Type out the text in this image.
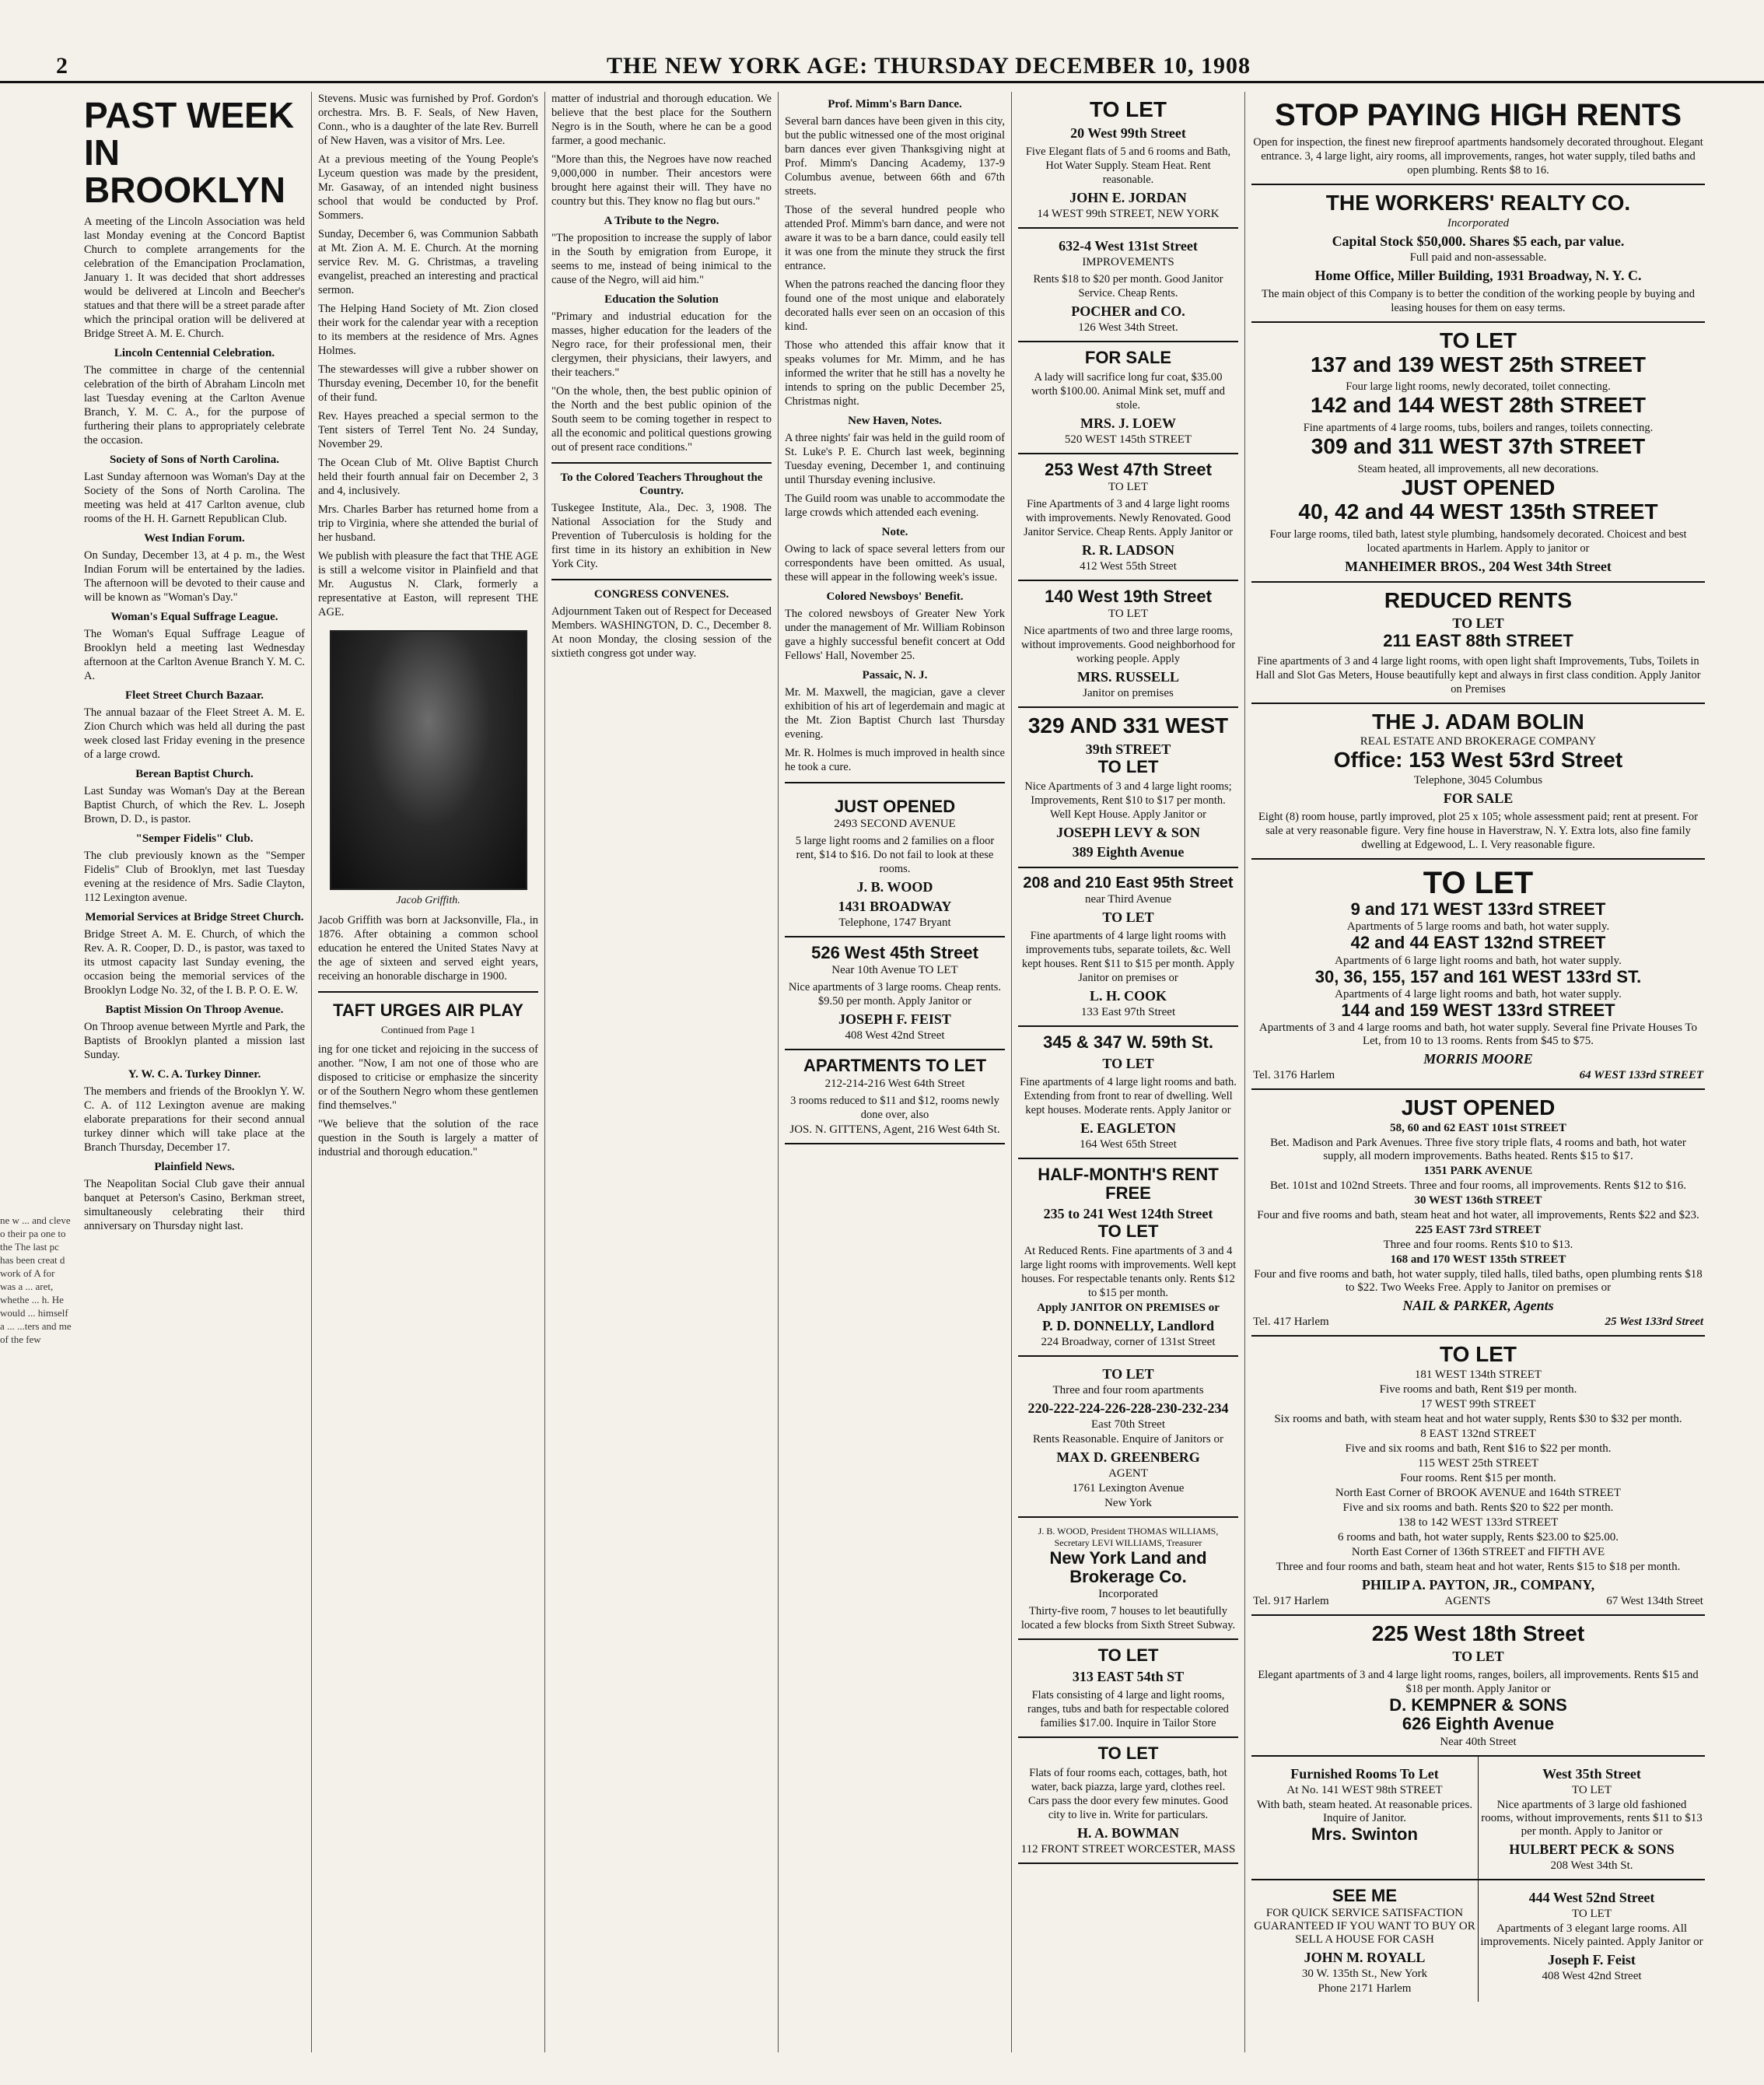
2	THE NEW YORK AGE: THURSDAY DECEMBER 10, 1908
ne w ... and cleve o their pa one to the The last pc has been creat d work of A for was a ... aret, whethe ... h. He would ... himself a ... ...ters and me of the few
PAST WEEK IN BROOKLYN

A meeting of the Lincoln Association was held last Monday evening at the Concord Baptist Church to complete arrangements for the celebration of the Emancipation Proclamation, January 1. It was decided that short addresses would be delivered at Lincoln and Beecher's statues and that there will be a street parade after which the principal oration will be delivered at Bridge Street A. M. E. Church.

Lincoln Centennial Celebration.

The committee in charge of the centennial celebration of the birth of Abraham Lincoln met last Tuesday evening at the Carlton Avenue Branch, Y. M. C. A., for the purpose of furthering their plans to appropriately celebrate the occasion.

Society of Sons of North Carolina.

Last Sunday afternoon was Woman's Day at the Society of the Sons of North Carolina. The meeting was held at 417 Carlton avenue, club rooms of the H. H. Garnett Republican Club.

West Indian Forum.

On Sunday, December 13, at 4 p. m., the West Indian Forum will be entertained by the ladies. The afternoon will be devoted to their cause and will be known as "Woman's Day."

Woman's Equal Suffrage League.

The Woman's Equal Suffrage League of Brooklyn held a meeting last Wednesday afternoon at the Carlton Avenue Branch Y. M. C. A.

Fleet Street Church Bazaar.

The annual bazaar of the Fleet Street A. M. E. Zion Church which was held all during the past week closed last Friday evening in the presence of a large crowd.

Berean Baptist Church.

Last Sunday was Woman's Day at the Berean Baptist Church, of which the Rev. L. Joseph Brown, D. D., is pastor.

"Semper Fidelis" Club.

The club previously known as the "Semper Fidelis" Club of Brooklyn, met last Tuesday evening at the residence of Mrs. Sadie Clayton, 112 Lexington avenue.

Memorial Services at Bridge Street Church.

Bridge Street A. M. E. Church, of which the Rev. A. R. Cooper, D. D., is pastor, was taxed to its utmost capacity last Sunday evening, the occasion being the memorial services of the Brooklyn Lodge No. 32, of the I. B. P. O. E. W.

Baptist Mission On Throop Avenue.

On Throop avenue between Myrtle and Park, the Baptists of Brooklyn planted a mission last Sunday.

Y. W. C. A. Turkey Dinner.

The members and friends of the Brooklyn Y. W. C. A. of 112 Lexington avenue are making elaborate preparations for their second annual turkey dinner which will take place at the Branch Thursday, December 17.

Plainfield News.

The Neapolitan Social Club gave their annual banquet at Peterson's Casino, Berkman street, simultaneously celebrating their third anniversary on Thursday night last.

Stevens. Music was furnished by Prof. Gordon's orchestra. Mrs. B. F. Seals, of New Haven, Conn., who is a daughter of the late Rev. Burrell of New Haven, was a visitor of Mrs. Lee.

At a previous meeting of the Young People's Lyceum question was made by the president, Mr. Gasaway, of an intended night business school that would be conducted by Prof. Sommers.

Sunday, December 6, was Communion Sabbath at Mt. Zion A. M. E. Church. At the morning service Rev. M. G. Christmas, a traveling evangelist, preached an interesting and practical sermon.

The Helping Hand Society of Mt. Zion closed their work for the calendar year with a reception to its members at the residence of Mrs. Agnes Holmes.

The stewardesses will give a rubber shower on Thursday evening, December 10, for the benefit of their fund.

Rev. Hayes preached a special sermon to the Tent sisters of Terrel Tent No. 24 Sunday, November 29.

The Ocean Club of Mt. Olive Baptist Church held their fourth annual fair on December 2, 3 and 4, inclusively.

Mrs. Charles Barber has returned home from a trip to Virginia, where she attended the burial of her husband.

We publish with pleasure the fact that THE AGE is still a welcome visitor in Plainfield and that Mr. Augustus N. Clark, formerly a representative at Easton, will represent THE AGE.

Jacob Griffith.

Jacob Griffith was born at Jacksonville, Fla., in 1876. After obtaining a common school education he entered the United States Navy at the age of sixteen and served eight years, receiving an honorable discharge in 1900.

TAFT URGES AIR PLAY
Continued from Page 1

ing for one ticket and rejoicing in the success of another. "Now, I am not one of those who are disposed to criticise or emphasize the sincerity or of the Southern Negro whom these gentlemen find themselves."

"We believe that the solution of the race question in the South is largely a matter of industrial and thorough education."

matter of industrial and thorough education. We believe that the best place for the Southern Negro is in the South, where he can be a good farmer, a good mechanic.

"More than this, the Negroes have now reached 9,000,000 in number. Their ancestors were brought here against their will. They have no country but this. They know no flag but ours."

A Tribute to the Negro.

"The proposition to increase the supply of labor in the South by emigration from Europe, it seems to me, instead of being inimical to the cause of the Negro, will aid him."

Education the Solution

"Primary and industrial education for the masses, higher education for the leaders of the Negro race, for their professional men, their clergymen, their physicians, their lawyers, and their teachers."

"On the whole, then, the best public opinion of the North and the best public opinion of the South seem to be coming together in respect to all the economic and political questions growing out of present race conditions."

To the Colored Teachers Throughout the Country.

Tuskegee Institute, Ala., Dec. 3, 1908. The National Association for the Study and Prevention of Tuberculosis is holding for the first time in its history an exhibition in New York City.

CONGRESS CONVENES.

Adjournment Taken out of Respect for Deceased Members. WASHINGTON, D. C., December 8. At noon Monday, the closing session of the sixtieth congress got under way.

Prof. Mimm's Barn Dance.

Several barn dances have been given in this city, but the public witnessed one of the most original barn dances ever given Thanksgiving night at Prof. Mimm's Dancing Academy, 137-9 Columbus avenue, between 66th and 67th streets.

Those of the several hundred people who attended Prof. Mimm's barn dance, and were not aware it was to be a barn dance, could easily tell it was one from the minute they struck the first entrance.

When the patrons reached the dancing floor they found one of the most unique and elaborately decorated halls ever seen on an occasion of this kind.

Those who attended this affair know that it speaks volumes for Mr. Mimm, and he has informed the writer that he still has a novelty he intends to spring on the public December 25, Christmas night.

New Haven, Notes.

A three nights' fair was held in the guild room of St. Luke's P. E. Church last week, beginning Tuesday evening, December 1, and continuing until Thursday evening inclusive.

The Guild room was unable to accommodate the large crowds which attended each evening.

Note.

Owing to lack of space several letters from our correspondents have been omitted. As usual, these will appear in the following week's issue.

Colored Newsboys' Benefit.

The colored newsboys of Greater New York under the management of Mr. William Robinson gave a highly successful benefit concert at Odd Fellows' Hall, November 25.

Passaic, N. J.

Mr. M. Maxwell, the magician, gave a clever exhibition of his art of legerdemain and magic at the Mt. Zion Baptist Church last Thursday evening.

Mr. R. Holmes is much improved in health since he took a cure.

JUST OPENED
2493 SECOND AVENUE
5 large light rooms and 2 families on a floor rent, $14 to $16. Do not fail to look at these rooms.
J. B. WOOD
1431 BROADWAY
Telephone, 1747 Bryant
526 West 45th Street
Near 10th Avenue TO LET
Nice apartments of 3 large rooms. Cheap rents. $9.50 per month. Apply Janitor or
JOSEPH F. FEIST
408 West 42nd Street
APARTMENTS TO LET
212-214-216 West 64th Street
3 rooms reduced to $11 and $12, rooms newly done over, also
JOS. N. GITTENS, Agent, 216 West 64th St.
TO LET
20 West 99th Street
Five Elegant flats of 5 and 6 rooms and Bath, Hot Water Supply. Steam Heat. Rent reasonable.
JOHN E. JORDAN
14 WEST 99th STREET, NEW YORK
632-4 West 131st Street
IMPROVEMENTS
Rents $18 to $20 per month. Good Janitor Service. Cheap Rents.
POCHER and CO.
126 West 34th Street.
FOR SALE
A lady will sacrifice long fur coat, $35.00 worth $100.00. Animal Mink set, muff and stole.
MRS. J. LOEW
520 WEST 145th STREET
253 West 47th Street
TO LET
Fine Apartments of 3 and 4 large light rooms with improvements. Newly Renovated. Good Janitor Service. Cheap Rents. Apply Janitor or
R. R. LADSON
412 West 55th Street
140 West 19th Street
TO LET
Nice apartments of two and three large rooms, without improvements. Good neighborhood for working people. Apply
MRS. RUSSELL
Janitor on premises
329 AND 331 WEST
39th STREET
TO LET
Nice Apartments of 3 and 4 large light rooms; Improvements, Rent $10 to $17 per month. Well Kept House. Apply Janitor or
JOSEPH LEVY & SON
389 Eighth Avenue
208 and 210 East 95th Street
near Third Avenue
TO LET
Fine apartments of 4 large light rooms with improvements tubs, separate toilets, &c. Well kept houses. Rent $11 to $15 per month. Apply Janitor on premises or
L. H. COOK
133 East 97th Street
345 & 347 W. 59th St.
TO LET
Fine apartments of 4 large light rooms and bath. Extending from front to rear of dwelling. Well kept houses. Moderate rents. Apply Janitor or
E. EAGLETON
164 West 65th Street
HALF-MONTH'S RENT FREE
235 to 241 West 124th Street
TO LET
At Reduced Rents. Fine apartments of 3 and 4 large light rooms with improvements. Well kept houses. For respectable tenants only. Rents $12 to $15 per month.
Apply JANITOR ON PREMISES or
P. D. DONNELLY, Landlord
224 Broadway, corner of 131st Street
TO LET
Three and four room apartments
220-222-224-226-228-230-232-234
East 70th Street
Rents Reasonable. Enquire of Janitors or
MAX D. GREENBERG
AGENT
1761 Lexington Avenue
New York
J. B. WOOD, President THOMAS WILLIAMS, Secretary LEVI WILLIAMS, Treasurer
New York Land and Brokerage Co.
Incorporated
Thirty-five room, 7 houses to let beautifully located a few blocks from Sixth Street Subway.
TO LET
313 EAST 54th ST
Flats consisting of 4 large and light rooms, ranges, tubs and bath for respectable colored families $17.00. Inquire in Tailor Store
TO LET
Flats of four rooms each, cottages, bath, hot water, back piazza, large yard, clothes reel. Cars pass the door every few minutes. Good city to live in. Write for particulars.
H. A. BOWMAN
112 FRONT STREET WORCESTER, MASS
STOP PAYING HIGH RENTS
Open for inspection, the finest new fireproof apartments handsomely decorated throughout. Elegant entrance. 3, 4 large light, airy rooms, all improvements, ranges, hot water supply, tiled baths and open plumbing. Rents $8 to 16.
THE WORKERS' REALTY CO.
Incorporated
Capital Stock $50,000. Shares $5 each, par value.
Full paid and non-assessable.
Home Office, Miller Building, 1931 Broadway, N. Y. C.
The main object of this Company is to better the condition of the working people by buying and leasing houses for them on easy terms.
TO LET
137 and 139 WEST 25th STREET
Four large light rooms, newly decorated, toilet connecting.
142 and 144 WEST 28th STREET
Fine apartments of 4 large rooms, tubs, boilers and ranges, toilets connecting.
309 and 311 WEST 37th STREET
Steam heated, all improvements, all new decorations.
JUST OPENED
40, 42 and 44 WEST 135th STREET
Four large rooms, tiled bath, latest style plumbing, handsomely decorated. Choicest and best located apartments in Harlem. Apply to janitor or
MANHEIMER BROS., 204 West 34th Street
REDUCED RENTS
TO LET
211 EAST 88th STREET
Fine apartments of 3 and 4 large light rooms, with open light shaft Improvements, Tubs, Toilets in Hall and Slot Gas Meters, House beautifully kept and always in first class condition. Apply Janitor on Premises
THE J. ADAM BOLIN
REAL ESTATE AND BROKERAGE COMPANY
Office: 153 West 53rd Street
Telephone, 3045 Columbus
FOR SALE
Eight (8) room house, partly improved, plot 25 x 105; whole assessment paid; rent at present. For sale at very reasonable figure. Very fine house in Haverstraw, N. Y. Extra lots, also fine family dwelling at Edgewood, L. I. Very reasonable figure.
TO LET
9 and 171 WEST 133rd STREET
Apartments of 5 large rooms and bath, hot water supply.
42 and 44 EAST 132nd STREET
Apartments of 6 large light rooms and bath, hot water supply.
30, 36, 155, 157 and 161 WEST 133rd ST.
Apartments of 4 large light rooms and bath, hot water supply.
144 and 159 WEST 133rd STREET
Apartments of 3 and 4 large rooms and bath, hot water supply. Several fine Private Houses To Let, from 10 to 13 rooms. Rents from $45 to $75.
MORRIS MOORE
Tel. 3176 Harlem	64 WEST 133rd STREET
JUST OPENED
58, 60 and 62 EAST 101st STREET
Bet. Madison and Park Avenues. Three five story triple flats, 4 rooms and bath, hot water supply, all modern improvements. Baths heated. Rents $15 to $17.
1351 PARK AVENUE
Bet. 101st and 102nd Streets. Three and four rooms, all improvements. Rents $12 to $16.
30 WEST 136th STREET
Four and five rooms and bath, steam heat and hot water, all improvements, Rents $22 and $23.
225 EAST 73rd STREET
Three and four rooms. Rents $10 to $13.
168 and 170 WEST 135th STREET
Four and five rooms and bath, hot water supply, tiled halls, tiled baths, open plumbing rents $18 to $22. Two Weeks Free. Apply to Janitor on premises or
NAIL & PARKER, Agents
Tel. 417 Harlem	25 West 133rd Street
TO LET
181 WEST 134th STREET
Five rooms and bath, Rent $19 per month.
17 WEST 99th STREET
Six rooms and bath, with steam heat and hot water supply, Rents $30 to $32 per month.
8 EAST 132nd STREET
Five and six rooms and bath, Rent $16 to $22 per month.
115 WEST 25th STREET
Four rooms. Rent $15 per month.
North East Corner of BROOK AVENUE and 164th STREET
Five and six rooms and bath. Rents $20 to $22 per month.
138 to 142 WEST 133rd STREET
6 rooms and bath, hot water supply, Rents $23.00 to $25.00.
North East Corner of 136th STREET and FIFTH AVE
Three and four rooms and bath, steam heat and hot water, Rents $15 to $18 per month.
PHILIP A. PAYTON, JR., COMPANY,
Tel. 917 Harlem	AGENTS	67 West 134th Street
225 West 18th Street
TO LET
Elegant apartments of 3 and 4 large light rooms, ranges, boilers, all improvements. Rents $15 and $18 per month. Apply Janitor or
D. KEMPNER & SONS
626 Eighth Avenue
Near 40th Street
Furnished Rooms To Let
At No. 141 WEST 98th STREET
With bath, steam heated. At reasonable prices. Inquire of Janitor.
Mrs. Swinton
West 35th Street
TO LET
Nice apartments of 3 large old fashioned rooms, without improvements, rents $11 to $13 per month. Apply to Janitor or
HULBERT PECK & SONS
208 West 34th St.
SEE ME
FOR QUICK SERVICE SATISFACTION GUARANTEED IF YOU WANT TO BUY OR SELL A HOUSE FOR CASH
JOHN M. ROYALL
30 W. 135th St., New York
Phone 2171 Harlem
444 West 52nd Street
TO LET
Apartments of 3 elegant large rooms. All improvements. Nicely painted. Apply Janitor or
Joseph F. Feist
408 West 42nd Street
